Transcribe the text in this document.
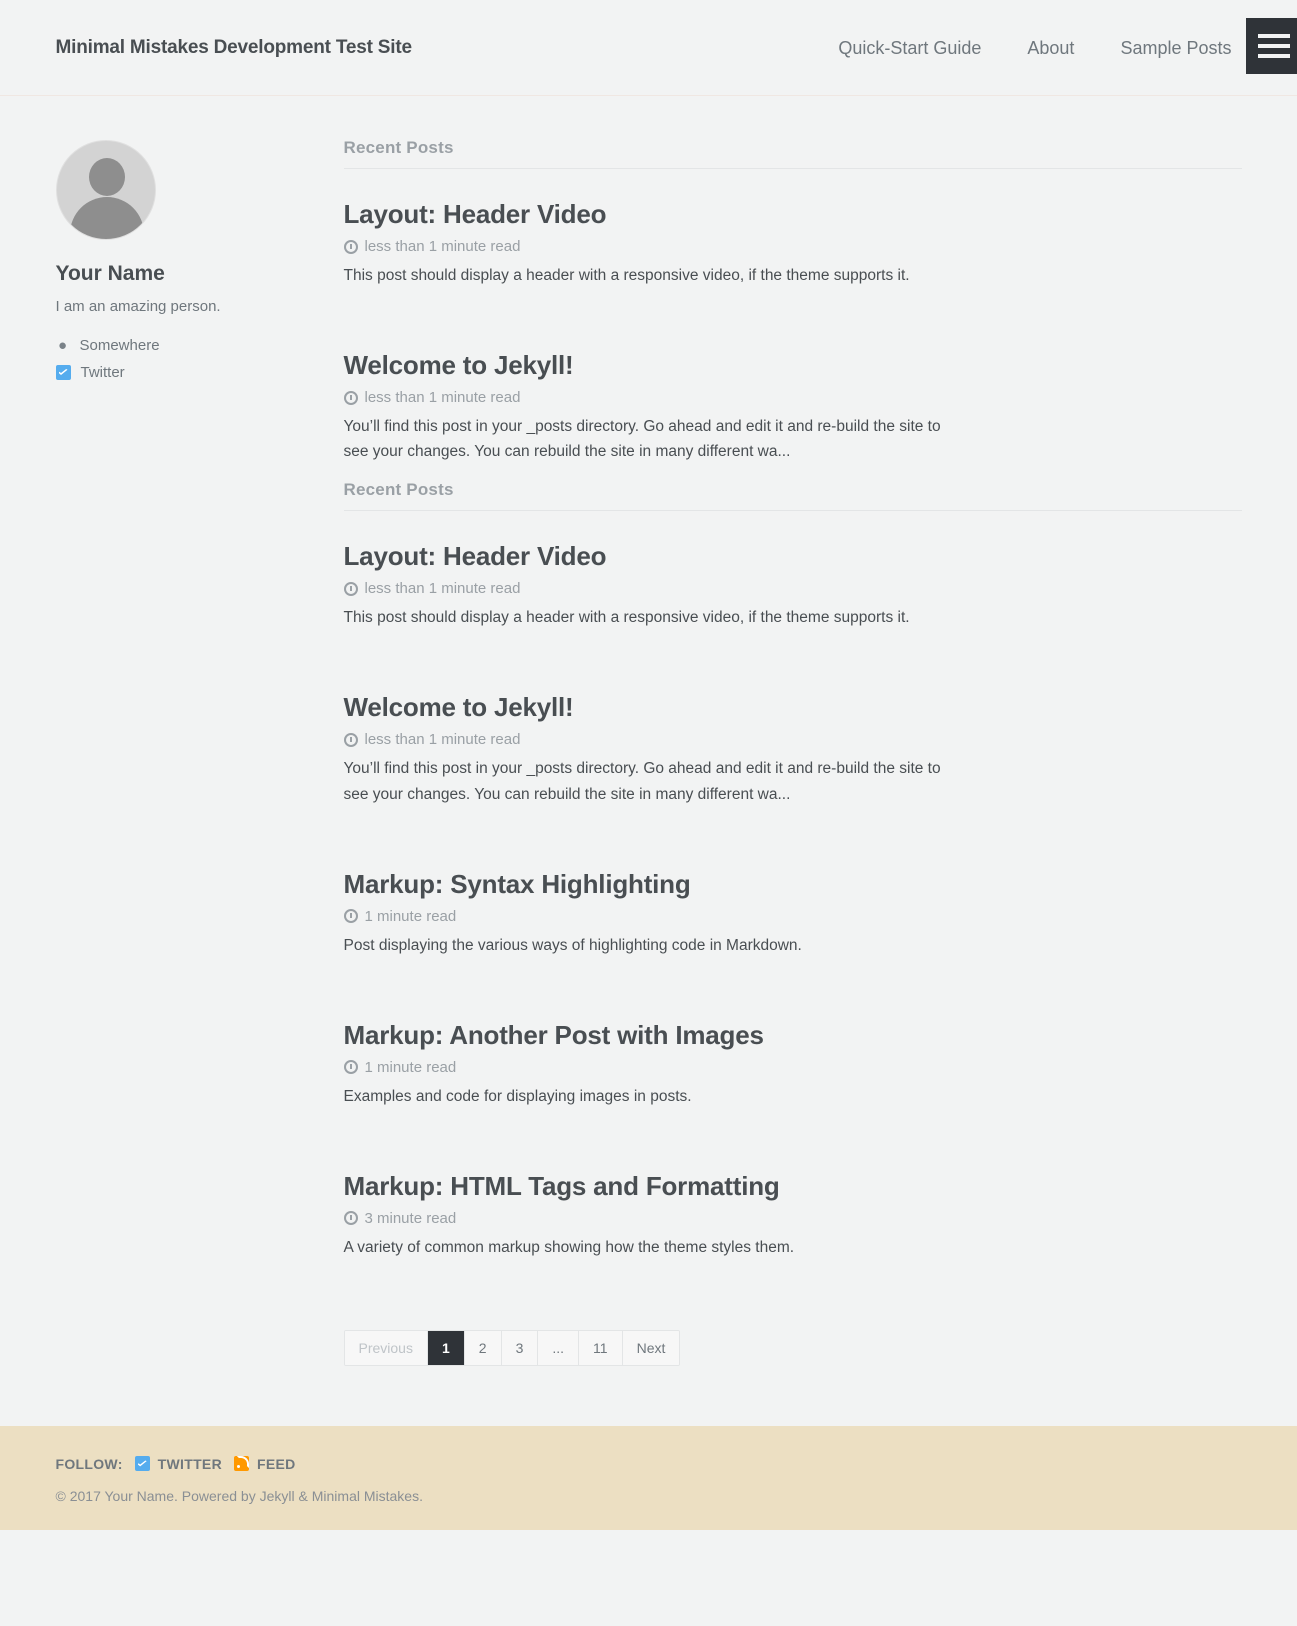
Minimal Mistakes Development Test Site	Quick-Start Guide	About	Sample Posts
Your Name

I am an amazing person.

● Somewhere
Twitter
Recent Posts
Layout: Header Video
less than 1 minute read

This post should display a header with a responsive video, if the theme supports it.

Welcome to Jekyll!
less than 1 minute read

You’ll find this post in your _posts directory. Go ahead and edit it and re-build the site to see your changes. You can rebuild the site in many different wa...

Recent Posts
Layout: Header Video
less than 1 minute read

This post should display a header with a responsive video, if the theme supports it.

Welcome to Jekyll!
less than 1 minute read

You’ll find this post in your _posts directory. Go ahead and edit it and re-build the site to see your changes. You can rebuild the site in many different wa...

Markup: Syntax Highlighting
1 minute read

Post displaying the various ways of highlighting code in Markdown.

Markup: Another Post with Images
1 minute read

Examples and code for displaying images in posts.

Markup: HTML Tags and Formatting
3 minute read

A variety of common markup showing how the theme styles them.

Previous	1	2	3	...	11	Next
FOLLOW:	TWITTER	FEED
© 2017 Your Name. Powered by Jekyll & Minimal Mistakes.
